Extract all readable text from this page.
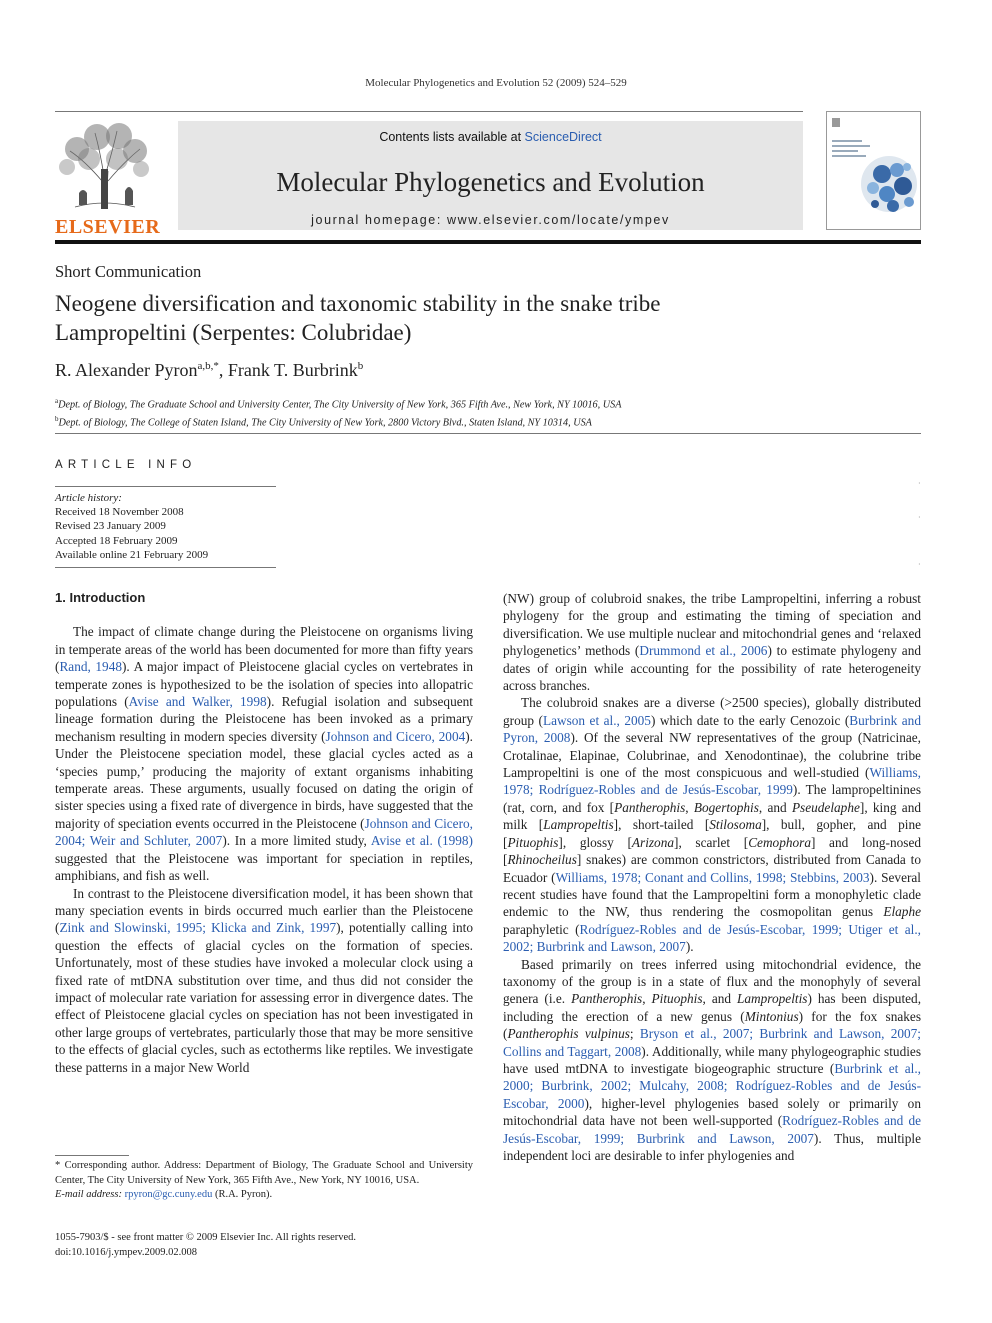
Molecular Phylogenetics and Evolution 52 (2009) 524–529
ELSEVIER
Contents lists available at ScienceDirect
Molecular Phylogenetics and Evolution
journal homepage: www.elsevier.com/locate/ympev
Short Communication
Neogene diversification and taxonomic stability in the snake tribe
Lampropeltini (Serpentes: Colubridae)
R. Alexander Pyron$^{a,b,*}$, Frank T. Burbrink$^b$
$^a$Dept. of Biology, The Graduate School and University Center, The City University of New York, 365 Fifth Ave., New York, NY 10016, USA
$^b$Dept. of Biology, The College of Staten Island, The City University of New York, 2800 Victory Blvd., Staten Island, NY 10314, USA
ARTICLE INFO
Article history:
Received 18 November 2008
Revised 23 January 2009
Accepted 18 February 2009
Available online 21 February 2009
·
·
·
1. Introduction

The impact of climate change during the Pleistocene on organisms living in temperate areas of the world has been documented for more than fifty years (Rand, 1948). A major impact of Pleistocene glacial cycles on vertebrates in temperate zones is hypothesized to be the isolation of species into allopatric populations (Avise and Walker, 1998). Refugial isolation and subsequent lineage formation during the Pleistocene has been invoked as a primary mechanism resulting in modern species diversity (Johnson and Cicero, 2004). Under the Pleistocene speciation model, these glacial cycles acted as a ‘species pump,’ producing the majority of extant organisms inhabiting temperate areas. These arguments, usually focused on dating the origin of sister species using a fixed rate of divergence in birds, have suggested that the majority of speciation events occurred in the Pleistocene (Johnson and Cicero, 2004; Weir and Schluter, 2007). In a more limited study, Avise et al. (1998) suggested that the Pleistocene was important for speciation in reptiles, amphibians, and fish as well.

In contrast to the Pleistocene diversification model, it has been shown that many speciation events in birds occurred much earlier than the Pleistocene (Zink and Slowinski, 1995; Klicka and Zink, 1997), potentially calling into question the effects of glacial cycles on the formation of species. Unfortunately, most of these studies have invoked a molecular clock using a fixed rate of mtDNA substitution over time, and thus did not consider the impact of molecular rate variation for assessing error in divergence dates. The effect of Pleistocene glacial cycles on speciation has not been investigated in other large groups of vertebrates, particularly those that may be more sensitive to the effects of glacial cycles, such as ectotherms like reptiles. We investigate these patterns in a major New World

(NW) group of colubroid snakes, the tribe Lampropeltini, inferring a robust phylogeny for the group and estimating the timing of speciation and diversification. We use multiple nuclear and mitochondrial genes and ‘relaxed phylogenetics’ methods (Drummond et al., 2006) to estimate phylogeny and dates of origin while accounting for the possibility of rate heterogeneity across branches.

The colubroid snakes are a diverse (>2500 species), globally distributed group (Lawson et al., 2005) which date to the early Cenozoic (Burbrink and Pyron, 2008). Of the several NW representatives of the group (Natricinae, Crotalinae, Elapinae, Colubrinae, and Xenodontinae), the colubrine tribe Lampropeltini is one of the most conspicuous and well-studied (Williams, 1978; Rodríguez-Robles and de Jesús-Escobar, 1999). The lampropeltinines (rat, corn, and fox [Pantherophis, Bogertophis, and Pseudelaphe], king and milk [Lampropeltis], short-tailed [Stilosoma], bull, gopher, and pine [Pituophis], glossy [Arizona], scarlet [Cemophora] and long-nosed [Rhinocheilus] snakes) are common constrictors, distributed from Canada to Ecuador (Williams, 1978; Conant and Collins, 1998; Stebbins, 2003). Several recent studies have found that the Lampropeltini form a monophyletic clade endemic to the NW, thus rendering the cosmopolitan genus Elaphe paraphyletic (Rodríguez-Robles and de Jesús-Escobar, 1999; Utiger et al., 2002; Burbrink and Lawson, 2007).

Based primarily on trees inferred using mitochondrial evidence, the taxonomy of the group is in a state of flux and the monophyly of several genera (i.e. Pantherophis, Pituophis, and Lampropeltis) has been disputed, including the erection of a new genus (Mintonius) for the fox snakes (Pantherophis vulpinus; Bryson et al., 2007; Burbrink and Lawson, 2007; Collins and Taggart, 2008). Additionally, while many phylogeographic studies have used mtDNA to investigate biogeographic structure (Burbrink et al., 2000; Burbrink, 2002; Mulcahy, 2008; Rodríguez-Robles and de Jesús-Escobar, 2000), higher-level phylogenies based solely or primarily on mitochondrial data have not been well-supported (Rodríguez-Robles and de Jesús-Escobar, 1999; Burbrink and Lawson, 2007). Thus, multiple independent loci are desirable to infer phylogenies and

* Corresponding author. Address: Department of Biology, The Graduate School and University Center, The City University of New York, 365 Fifth Ave., New York, NY 10016, USA.
E-mail address: rpyron@gc.cuny.edu (R.A. Pyron).
1055-7903/$ - see front matter © 2009 Elsevier Inc. All rights reserved.
doi:10.1016/j.ympev.2009.02.008
